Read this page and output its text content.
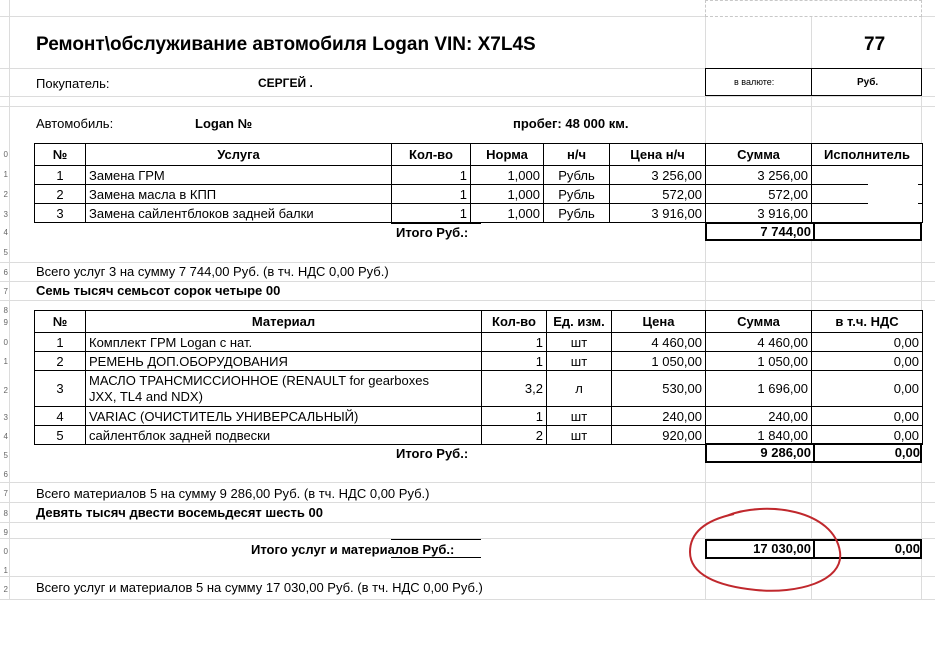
0
1
2
3
4
5
6
7
8
9
0
1
2
3
4
5
6
7
8
9
0
1
2
Ремонт\обслуживание автомобиля Logan VIN: X7L4S	77
Покупатель:	СЕРГЕЙ .	в валюте:	Руб.
Автомобиль:	Logan №	пробег: 48 000 км.
№	Услуга	Кол-во	Норма	н/ч	Цена н/ч	Сумма	Исполнитель
1	Замена ГРМ	1	1,000	Рубль	3 256,00	3 256,00	
2	Замена масла в КПП	1	1,000	Рубль	572,00	572,00	
3	Замена сайлентблоков задней балки	1	1,000	Рубль	3 916,00	3 916,00	
Итого Руб.:	7 744,00
Всего услуг 3 на сумму 7 744,00 Руб. (в тч. НДС 0,00 Руб.)
Семь тысяч семьсот сорок четыре 00
№	Материал	Кол-во	Ед. изм.	Цена	Сумма	в т.ч. НДС
1	Комплект ГРМ Logan с нат.	1	шт	4 460,00	4 460,00	0,00
2	РЕМЕНЬ ДОП.ОБОРУДОВАНИЯ	1	шт	1 050,00	1 050,00	0,00
3	МАСЛО ТРАНСМИССИОННОЕ (RENAULT for gearboxes
JXX, TL4 and NDX)	3,2	л	530,00	1 696,00	0,00
4	VARIAC (ОЧИСТИТЕЛЬ УНИВЕРСАЛЬНЫЙ)	1	шт	240,00	240,00	0,00
5	сайлентблок задней подвески	2	шт	920,00	1 840,00	0,00
Итого Руб.:	9 286,00	0,00
Всего материалов 5 на сумму 9 286,00 Руб. (в тч. НДС 0,00 Руб.)
Девять тысяч двести восемьдесят шесть 00
Итого услуг и материалов Руб.:	17 030,00	0,00
Всего услуг и материалов 5 на сумму 17 030,00 Руб. (в тч. НДС 0,00 Руб.)
